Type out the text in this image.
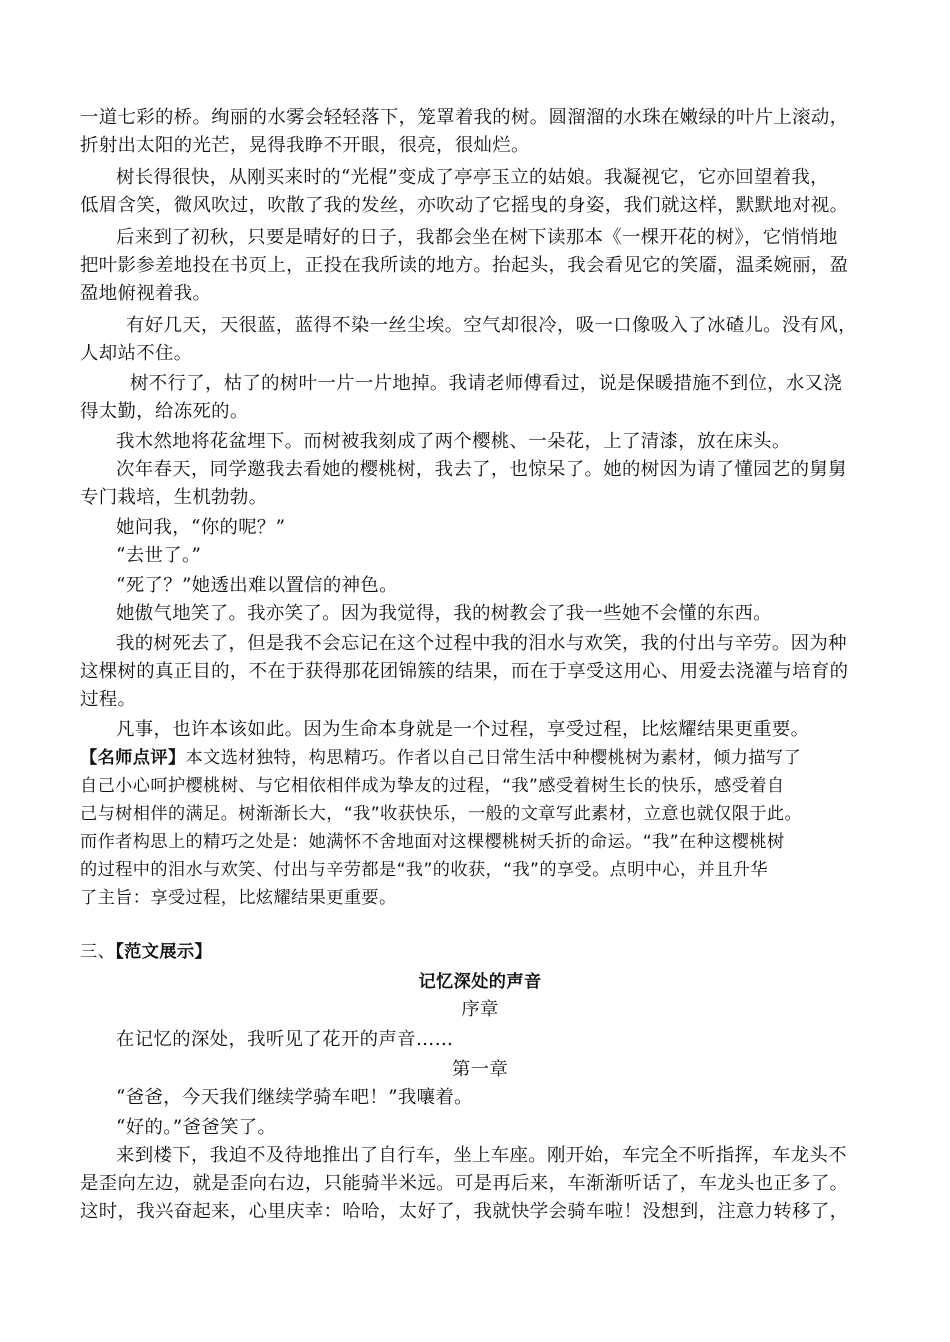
一道七彩的桥。绚丽的水雾会轻轻落下，笼罩着我的树。圆溜溜的水珠在嫩绿的叶片上滚动，
折射出太阳的光芒，晃得我睁不开眼，很亮，很灿烂。
树长得很快，从刚买来时的“光棍”变成了亭亭玉立的姑娘。我凝视它，它亦回望着我，
低眉含笑，微风吹过，吹散了我的发丝，亦吹动了它摇曳的身姿，我们就这样，默默地对视。
后来到了初秋，只要是晴好的日子，我都会坐在树下读那本《一棵开花的树》，它悄悄地
把叶影参差地投在书页上，正投在我所读的地方。抬起头，我会看见它的笑靥，温柔婉丽，盈
盈地俯视着我。
有好几天，天很蓝，蓝得不染一丝尘埃。空气却很冷，吸一口像吸入了冰碴儿。没有风，
人却站不住。
树不行了，枯了的树叶一片一片地掉。我请老师傅看过，说是保暖措施不到位，水又浇
得太勤，给冻死的。
我木然地将花盆埋下。而树被我刻成了两个樱桃、一朵花，上了清漆，放在床头。
次年春天，同学邀我去看她的樱桃树，我去了，也惊呆了。她的树因为请了懂园艺的舅舅
专门栽培，生机勃勃。
她问我，“你的呢？”
“去世了。”
“死了？”她透出难以置信的神色。
她傲气地笑了。我亦笑了。因为我觉得，我的树教会了我一些她不会懂的东西。
我的树死去了，但是我不会忘记在这个过程中我的泪水与欢笑，我的付出与辛劳。因为种
这棵树的真正目的，不在于获得那花团锦簇的结果，而在于享受这用心、用爱去浇灌与培育的
过程。
凡事，也许本该如此。因为生命本身就是一个过程，享受过程，比炫耀结果更重要。
【名师点评】本文选材独特，构思精巧。作者以自己日常生活中种樱桃树为素材，倾力描写了
自己小心呵护樱桃树、与它相依相伴成为挚友的过程，“我”感受着树生长的快乐，感受着自
己与树相伴的满足。树渐渐长大，“我”收获快乐，一般的文章写此素材，立意也就仅限于此。
而作者构思上的精巧之处是：她满怀不舍地面对这棵樱桃树夭折的命运。“我”在种这樱桃树
的过程中的泪水与欢笑、付出与辛劳都是“我”的收获，“我”的享受。点明中心，并且升华
了主旨：享受过程，比炫耀结果更重要。
三、【范文展示】
记忆深处的声音
序章
在记忆的深处，我听见了花开的声音……
第一章
“爸爸，今天我们继续学骑车吧！”我嚷着。
“好的。”爸爸笑了。
来到楼下，我迫不及待地推出了自行车，坐上车座。刚开始，车完全不听指挥，车龙头不
是歪向左边，就是歪向右边，只能骑半米远。可是再后来，车渐渐听话了，车龙头也正多了。
这时，我兴奋起来，心里庆幸：哈哈，太好了，我就快学会骑车啦！没想到，注意力转移了，
